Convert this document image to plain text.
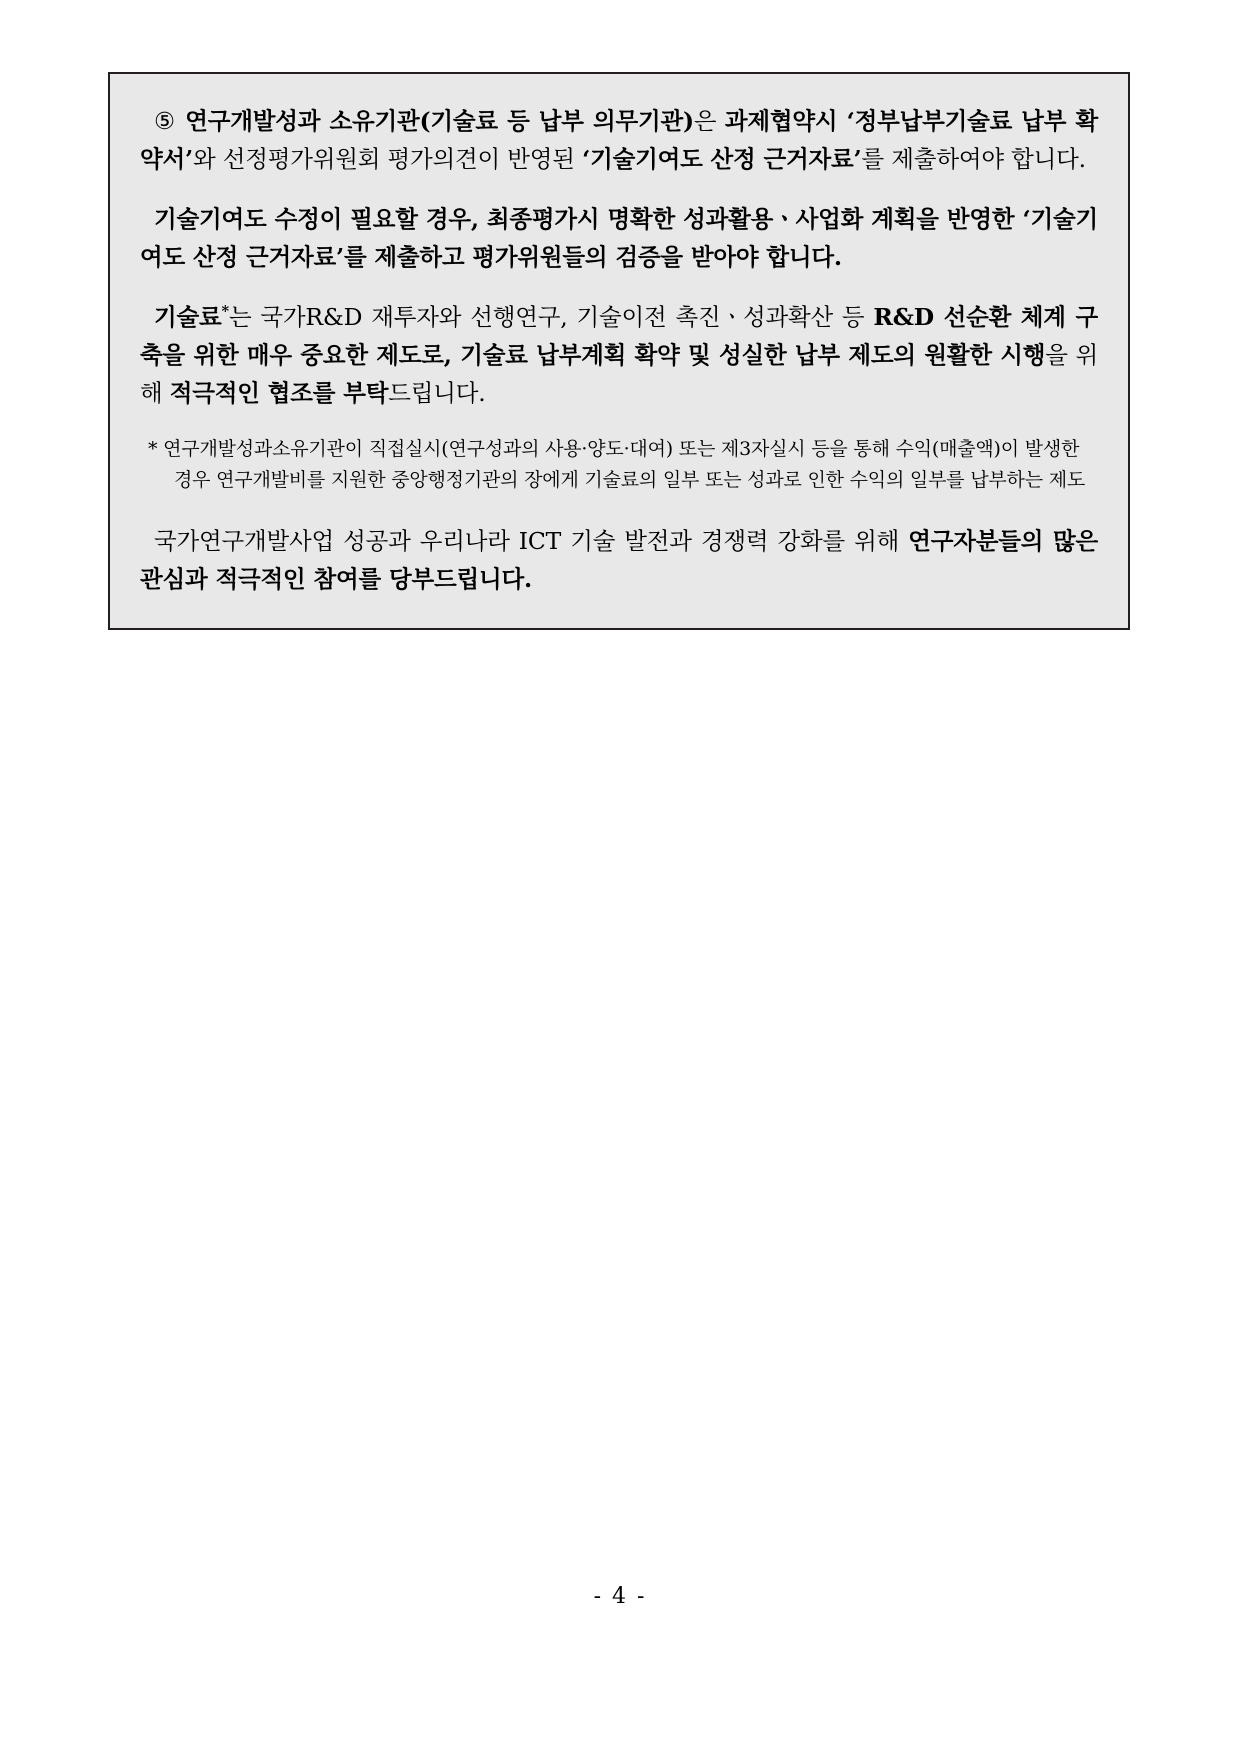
⑤ 연구개발성과 소유기관(기술료 등 납부 의무기관)은 과제협약시 ‘정부납부기술료 납부 확약서’와 선정평가위원회 평가의견이 반영된 ‘기술기여도 산정 근거자료’를 제출하여야 합니다.

기술기여도 수정이 필요할 경우, 최종평가시 명확한 성과활용ㆍ사업화 계획을 반영한 ‘기술기여도 산정 근거자료’를 제출하고 평가위원들의 검증을 받아야 합니다.

기술료*는 국가R&D 재투자와 선행연구, 기술이전 촉진ㆍ성과확산 등 R&D 선순환 체계 구축을 위한 매우 중요한 제도로, 기술료 납부계획 확약 및 성실한 납부 제도의 원활한 시행을 위해 적극적인 협조를 부탁드립니다.

* 연구개발성과소유기관이 직접실시(연구성과의 사용·양도·대여) 또는 제3자실시 등을 통해 수익(매출액)이 발생한 경우 연구개발비를 지원한 중앙행정기관의 장에게 기술료의 일부 또는 성과로 인한 수익의 일부를 납부하는 제도

국가연구개발사업 성공과 우리나라 ICT 기술 발전과 경쟁력 강화를 위해 연구자분들의 많은 관심과 적극적인 참여를 당부드립니다.

- 4 -
